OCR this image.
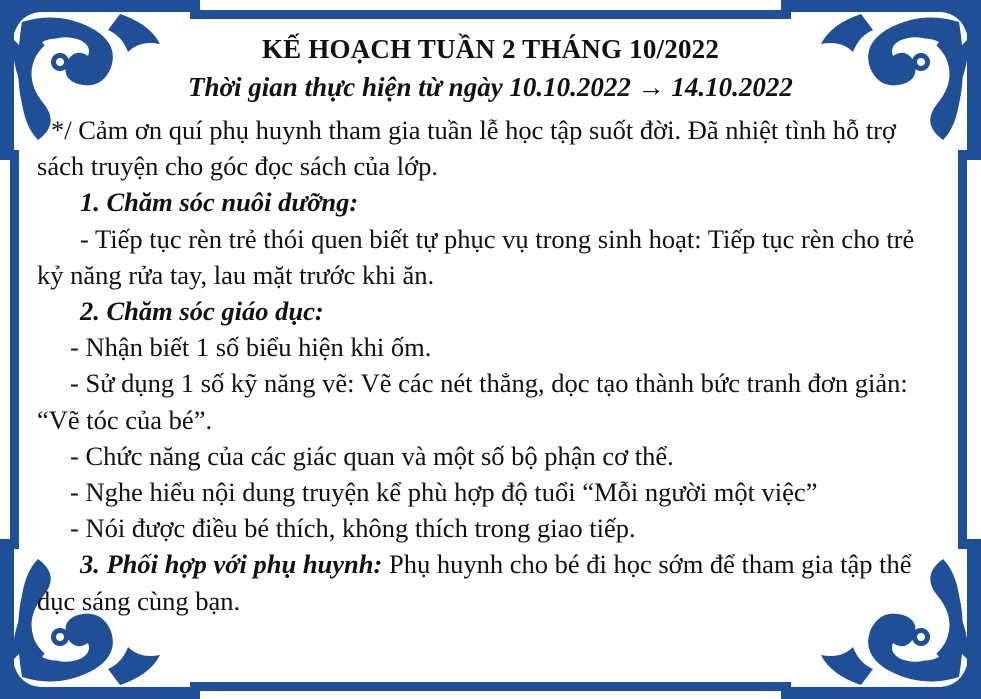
KẾ HOẠCH TUẦN 2 THÁNG 10/2022
Thời gian thực hiện từ ngày 10.10.2022 → 14.10.2022

*/ Cảm ơn quí phụ huynh tham gia tuần lễ học tập suốt đời. Đã nhiệt tình hỗ trợ sách truyện cho góc đọc sách của lớp.

1. Chăm sóc nuôi dưỡng:

- Tiếp tục rèn trẻ thói quen biết tự phục vụ trong sinh hoạt: Tiếp tục rèn cho trẻ kỷ năng rửa tay, lau mặt trước khi ăn.

2. Chăm sóc giáo dục:

- Nhận biết 1 số biểu hiện khi ốm.

- Sử dụng 1 số kỹ năng vẽ: Vẽ các nét thẳng, dọc tạo thành bức tranh đơn giản: “Vẽ tóc của bé”.

- Chức năng của các giác quan và một số bộ phận cơ thể.

- Nghe hiểu nội dung truyện kể phù hợp độ tuổi “Mỗi người một việc”

- Nói được điều bé thích, không thích trong giao tiếp.

3. Phối hợp với phụ huynh: Phụ huynh cho bé đi học sớm để tham gia tập thể dục sáng cùng bạn.
